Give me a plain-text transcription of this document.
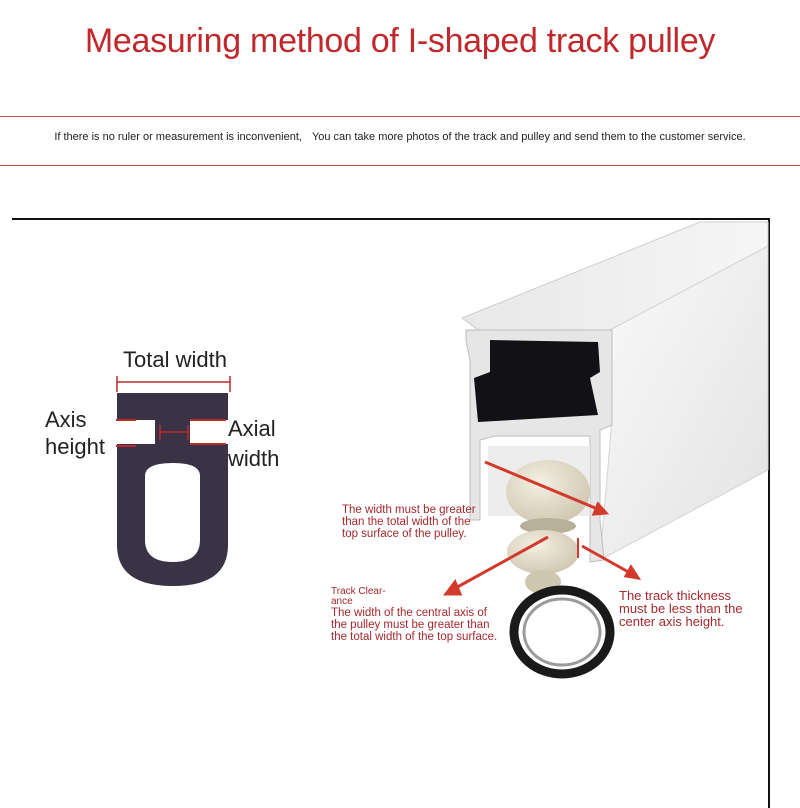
Measuring method of I-shaped track pulley
If there is no ruler or measurement is inconvenient, You can take more photos of the track and pulley and send them to the customer service.
Total width
Axis
height
Axial
width
The width must be greater
than the total width of the
top surface of the pulley.
Track Clear-
ance
The width of the central axis of
the pulley must be greater than
the total width of the top surface.
The track thickness
must be less than the
center axis height.
